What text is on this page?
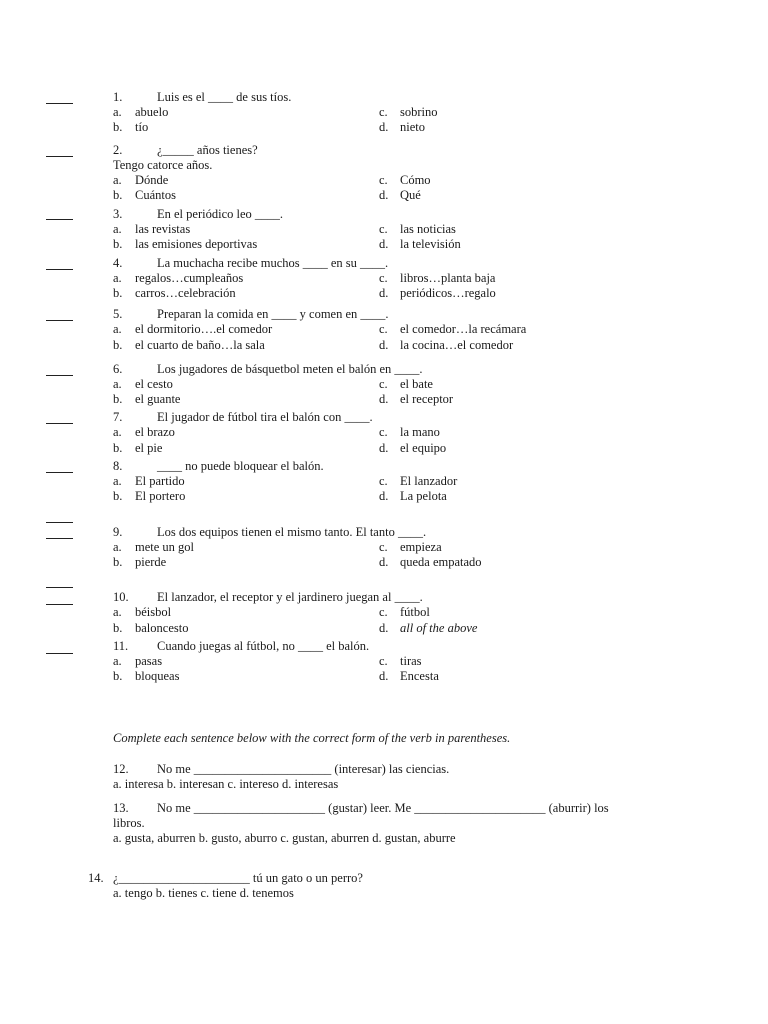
1.	Luis es el ____ de sus tíos.
a. abuelo
b. tío
c. sobrino
d. nieto
2.	¿_____ años tienes?
Tengo catorce años.
a. Dónde
b. Cuántos
c. Cómo
d. Qué
3.	En el periódico leo ____.
a. las revistas
b. las emisiones deportivas
c. las noticias
d. la televisión
4.	La muchacha recibe muchos ____ en su ____.
a. regalos…cumpleaños
b. carros…celebración
c. libros…planta baja
d. periódicos…regalo
5.	Preparan la comida en ____ y comen en ____.
a. el dormitorio….el comedor
b. el cuarto de baño…la sala
c. el comedor…la recámara
d. la cocina…el comedor
6.	Los jugadores de básquetbol meten el balón en ____.
a. el cesto
b. el guante
c. el bate
d. el receptor
7.	El jugador de fútbol tira el balón con ____.
a. el brazo
b. el pie
c. la mano
d. el equipo
8.	____ no puede bloquear el balón.
a. El partido
b. El portero
c. El lanzador
d. La pelota
9.	Los dos equipos tienen el mismo tanto. El tanto ____.
a. mete un gol
b. pierde
c. empieza
d. queda empatado
10. El lanzador, el receptor y el jardinero juegan al ____.
a. béisbol
b. baloncesto
c. fútbol
d. all of the above
11. Cuando juegas al fútbol, no ____ el balón.
a. pasas
b. bloqueas
c. tiras
d. Encesta
Complete each sentence below with the correct form of the verb in parentheses.
12. No me ______________________ (interesar) las ciencias.
a. interesa b. interesan c. intereso d. interesas
13. No me _____________________ (gustar) leer. Me _____________________ (aburrir) los
libros.
a. gusta, aburren b. gusto, aburro c. gustan, aburren d. gustan, aburre
14. ¿_____________________ tú un gato o un perro?
a. tengo b. tienes c. tiene d. tenemos
